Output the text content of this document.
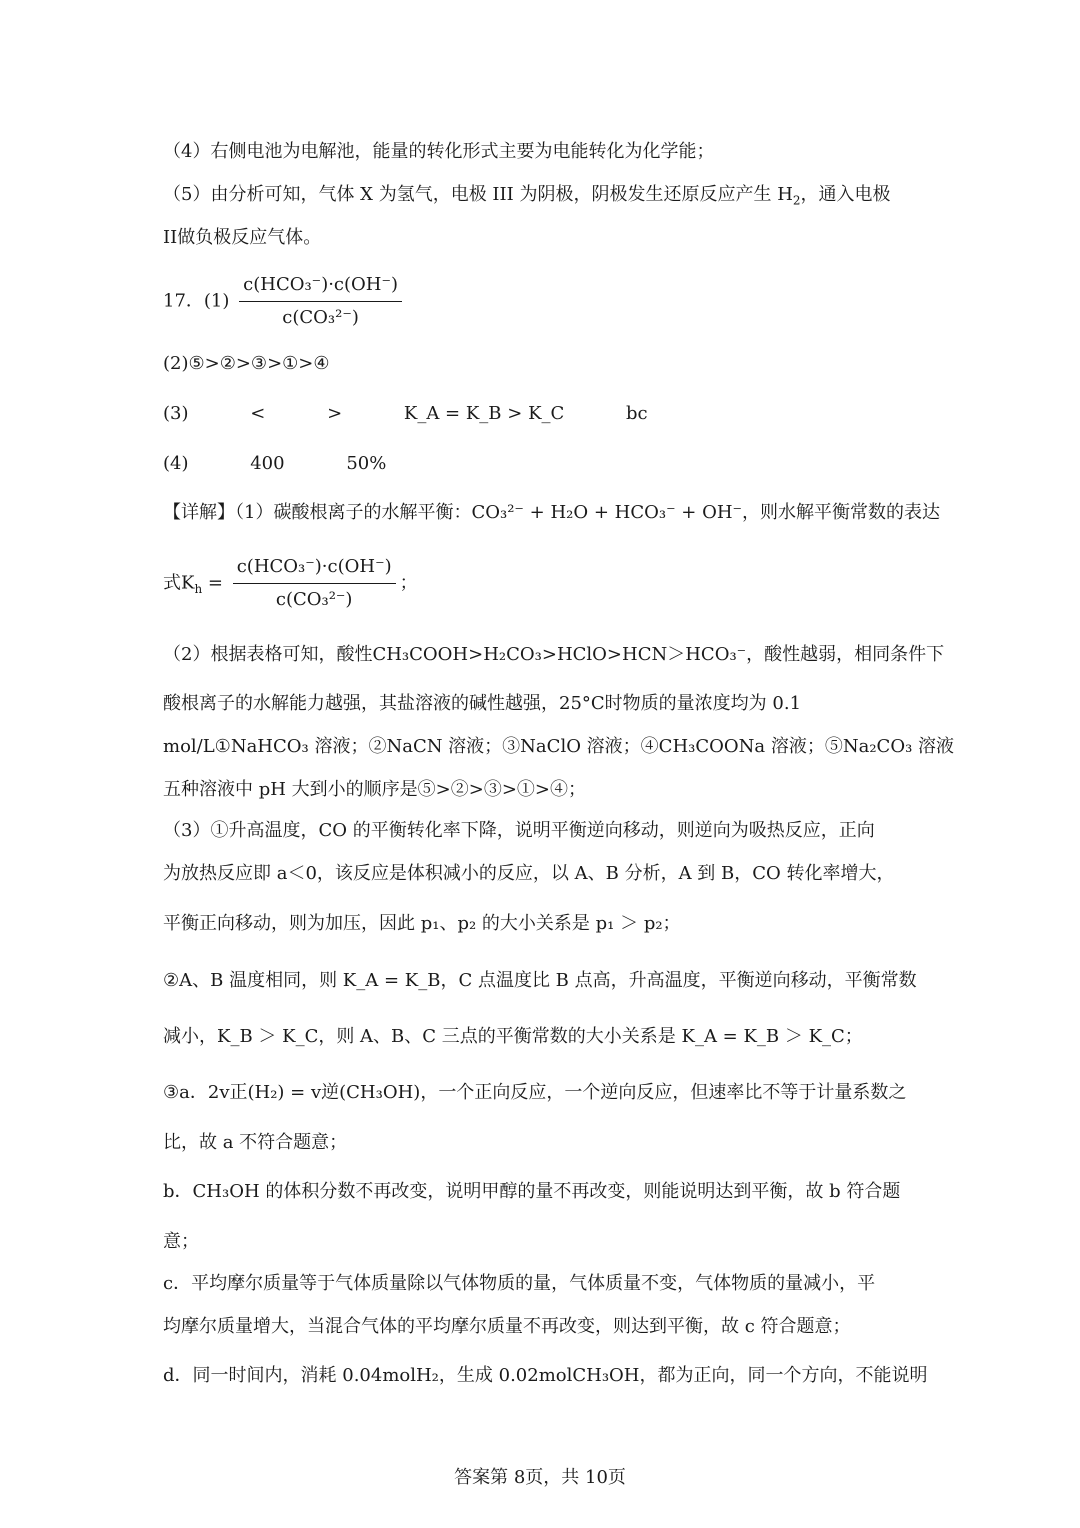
（4）右侧电池为电解池，能量的转化形式主要为电能转化为化学能；
（5）由分析可知，气体 X 为氢气，电极 III 为阴极，阴极发生还原反应产生 $H_2$，通入电极
II做负极反应气体。
17．$(1) \frac{\text{c(HCO₃⁻)·c(OH⁻)}}{\text{c(CO₃²⁻)}}$
(2)⑤>②>③>①>④
(3)	<	>	K_A = K_B > K_C	bc
(4)	400	50%
【详解】（1）碳酸根离子的水解平衡：CO₃²⁻ + H₂O + HCO₃⁻ + OH⁻，则水解平衡常数的表达
式$K_h = \frac{\text{c(HCO₃⁻)·c(OH⁻)}}{\text{c(CO₃²⁻)}}$ ；
（2）根据表格可知，酸性CH₃COOH>H₂CO₃>HClO>HCN＞HCO₃⁻，酸性越弱，相同条件下
酸根离子的水解能力越强，其盐溶液的碱性越强，25°C时物质的量浓度均为 0.1
mol/L①NaHCO₃ 溶液；②NaCN 溶液；③NaClO 溶液；④CH₃COONa 溶液；⑤Na₂CO₃ 溶液
五种溶液中 pH 大到小的顺序是⑤>②>③>①>④；
（3）①升高温度，CO 的平衡转化率下降，说明平衡逆向移动，则逆向为吸热反应，正向
为放热反应即 a＜0，该反应是体积减小的反应，以 A、B 分析，A 到 B，CO 转化率增大，
平衡正向移动，则为加压，因此 p₁、p₂ 的大小关系是 p₁ ＞ p₂；
②A、B 温度相同，则 K_A = K_B，C 点温度比 B 点高，升高温度，平衡逆向移动，平衡常数
减小，K_B ＞ K_C，则 A、B、C 三点的平衡常数的大小关系是 K_A = K_B ＞ K_C；
③a．2v正(H₂) = v逆(CH₃OH)，一个正向反应，一个逆向反应，但速率比不等于计量系数之
比，故 a 不符合题意；
b．CH₃OH 的体积分数不再改变，说明甲醇的量不再改变，则能说明达到平衡，故 b 符合题
意；
c．平均摩尔质量等于气体质量除以气体物质的量，气体质量不变，气体物质的量减小，平
均摩尔质量增大，当混合气体的平均摩尔质量不再改变，则达到平衡，故 c 符合题意；
d．同一时间内，消耗 0.04molH₂，生成 0.02molCH₃OH，都为正向，同一个方向，不能说明
答案第 8页，共 10页
